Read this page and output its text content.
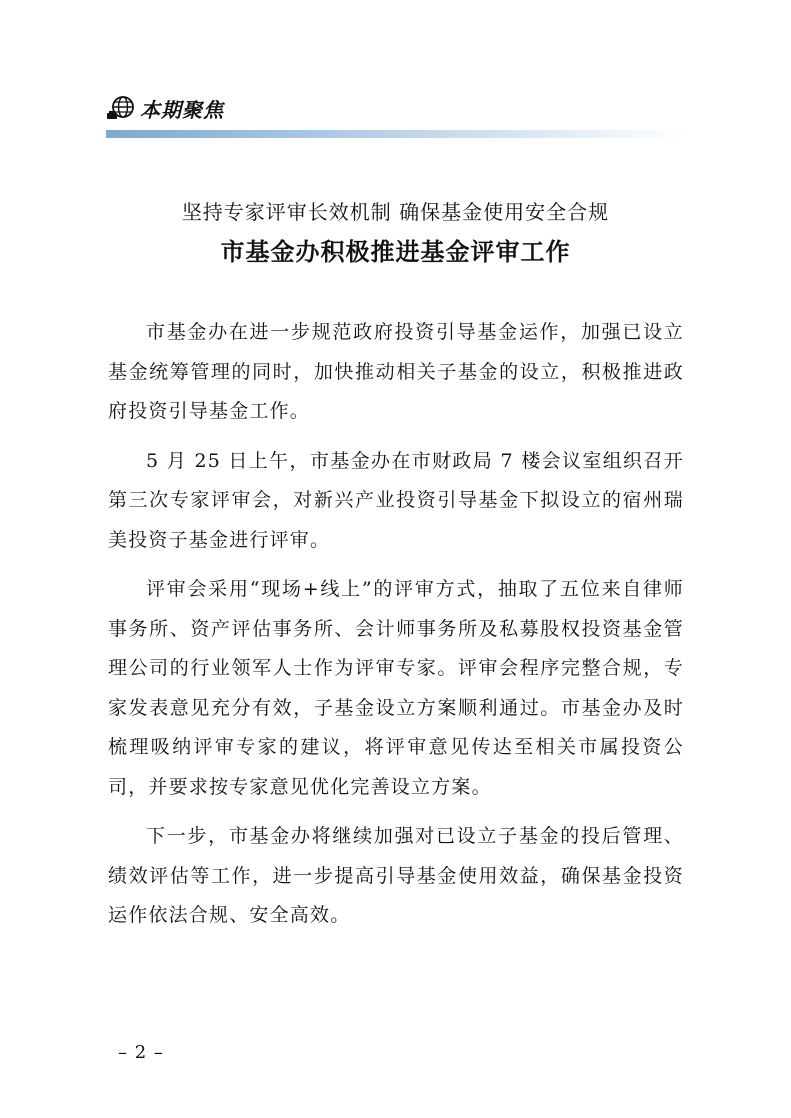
本期聚焦
坚持专家评审长效机制 确保基金使用安全合规
市基金办积极推进基金评审工作

市基金办在进一步规范政府投资引导基金运作，加强已设立基金统筹管理的同时，加快推动相关子基金的设立，积极推进政府投资引导基金工作。

5 月 25 日上午，市基金办在市财政局 7 楼会议室组织召开第三次专家评审会，对新兴产业投资引导基金下拟设立的宿州瑞美投资子基金进行评审。

评审会采用“现场+线上”的评审方式，抽取了五位来自律师事务所、资产评估事务所、会计师事务所及私募股权投资基金管理公司的行业领军人士作为评审专家。评审会程序完整合规，专家发表意见充分有效，子基金设立方案顺利通过。市基金办及时梳理吸纳评审专家的建议，将评审意见传达至相关市属投资公司，并要求按专家意见优化完善设立方案。

下一步，市基金办将继续加强对已设立子基金的投后管理、绩效评估等工作，进一步提高引导基金使用效益，确保基金投资运作依法合规、安全高效。

– 2 –
